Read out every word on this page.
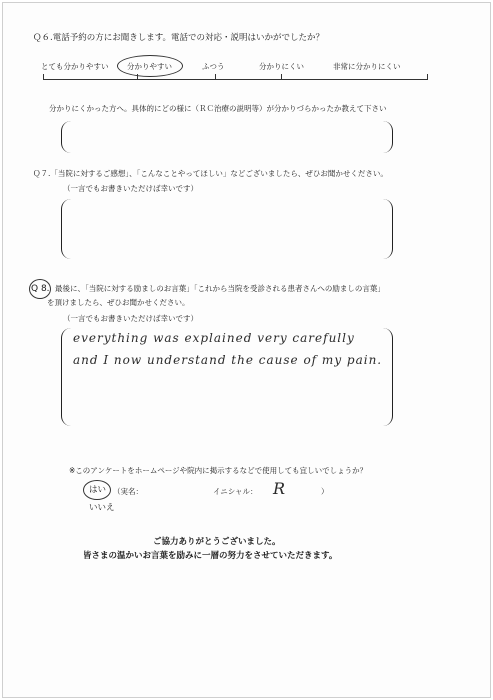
Ｑ６.電話予約の方にお聞きします。電話での対応・説明はいかがでしたか？
とても分かりやすい 分かりやすい	ふつう	分かりにくい	非常に分かりにくい
分かりにくかった方へ。具体的にどの様に（ＲＣ治療の説明等）が分かりづらかったか教えて下さい
Ｑ７.「当院に対するご感想」、「こんなことやってほしい」などございましたら、ぜひお聞かせください。
（一言でもお書きいただけば幸いです）
Q 8. 最後に、「当院に対する励ましのお言葉」「これから当院を受診される患者さんへの励ましの言葉」
を頂けましたら、ぜひお聞かせください。
（一言でもお書きいただけば幸いです）
everything was explained very carefully
and I now understand the cause of my pain.
※このアンケートをホームページや院内に掲示するなどで使用しても宜しいでしょうか？
はい （実名：	イニシャル： R	）
いいえ
ご協力ありがとうございました。
皆さまの温かいお言葉を励みに一層の努力をさせていただきます。
